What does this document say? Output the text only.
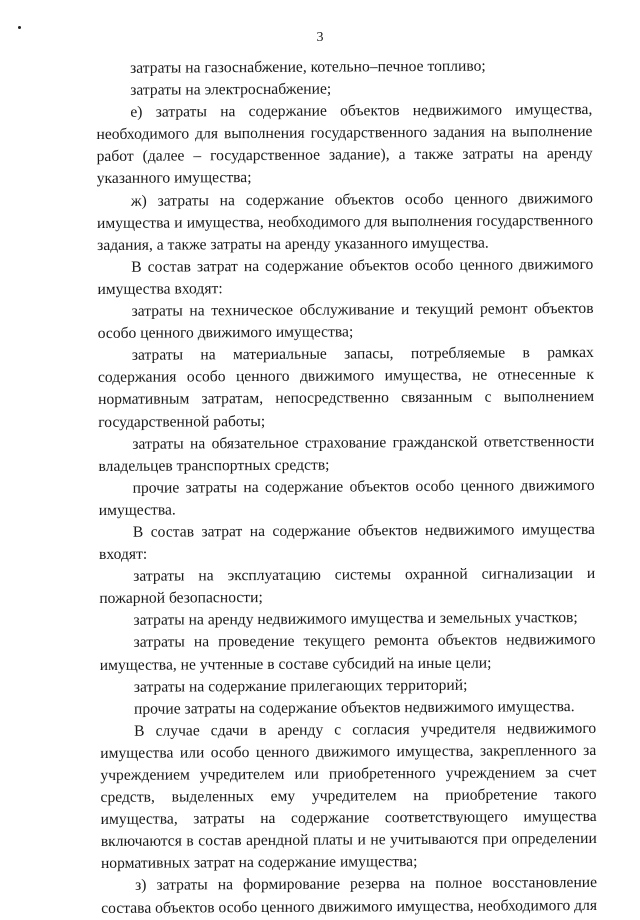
3

затраты на газоснабжение, котельно–печное топливо;

затраты на электроснабжение;

е) затраты на содержание объектов недвижимого имущества, необходимого для выполнения государственного задания на выполнение работ (далее – государственное задание), а также затраты на аренду указанного имущества;

ж) затраты на содержание объектов особо ценного движимого имущества и имущества, необходимого для выполнения государственного задания, а также затраты на аренду указанного имущества.

В состав затрат на содержание объектов особо ценного движимого имущества входят:

затраты на техническое обслуживание и текущий ремонт объектов особо ценного движимого имущества;

затраты на материальные запасы, потребляемые в рамках содержания особо ценного движимого имущества, не отнесенные к нормативным затратам, непосредственно связанным с выполнением государственной работы;

затраты на обязательное страхование гражданской ответственности владельцев транспортных средств;

прочие затраты на содержание объектов особо ценного движимого имущества.

В состав затрат на содержание объектов недвижимого имущества входят:

затраты на эксплуатацию системы охранной сигнализации и пожарной безопасности;

затраты на аренду недвижимого имущества и земельных участков;

затраты на проведение текущего ремонта объектов недвижимого имущества, не учтенные в составе субсидий на иные цели;

затраты на содержание прилегающих территорий;

прочие затраты на содержание объектов недвижимого имущества.

В случае сдачи в аренду с согласия учредителя недвижимого имущества или особо ценного движимого имущества, закрепленного за учреждением учредителем или приобретенного учреждением за счет средств, выделенных ему учредителем на приобретение такого имущества, затраты на содержание соответствующего имущества включаются в состав арендной платы и не учитываются при определении нормативных затрат на содержание имущества;

з) затраты на формирование резерва на полное восстановление состава объектов особо ценного движимого имущества, необходимого для
